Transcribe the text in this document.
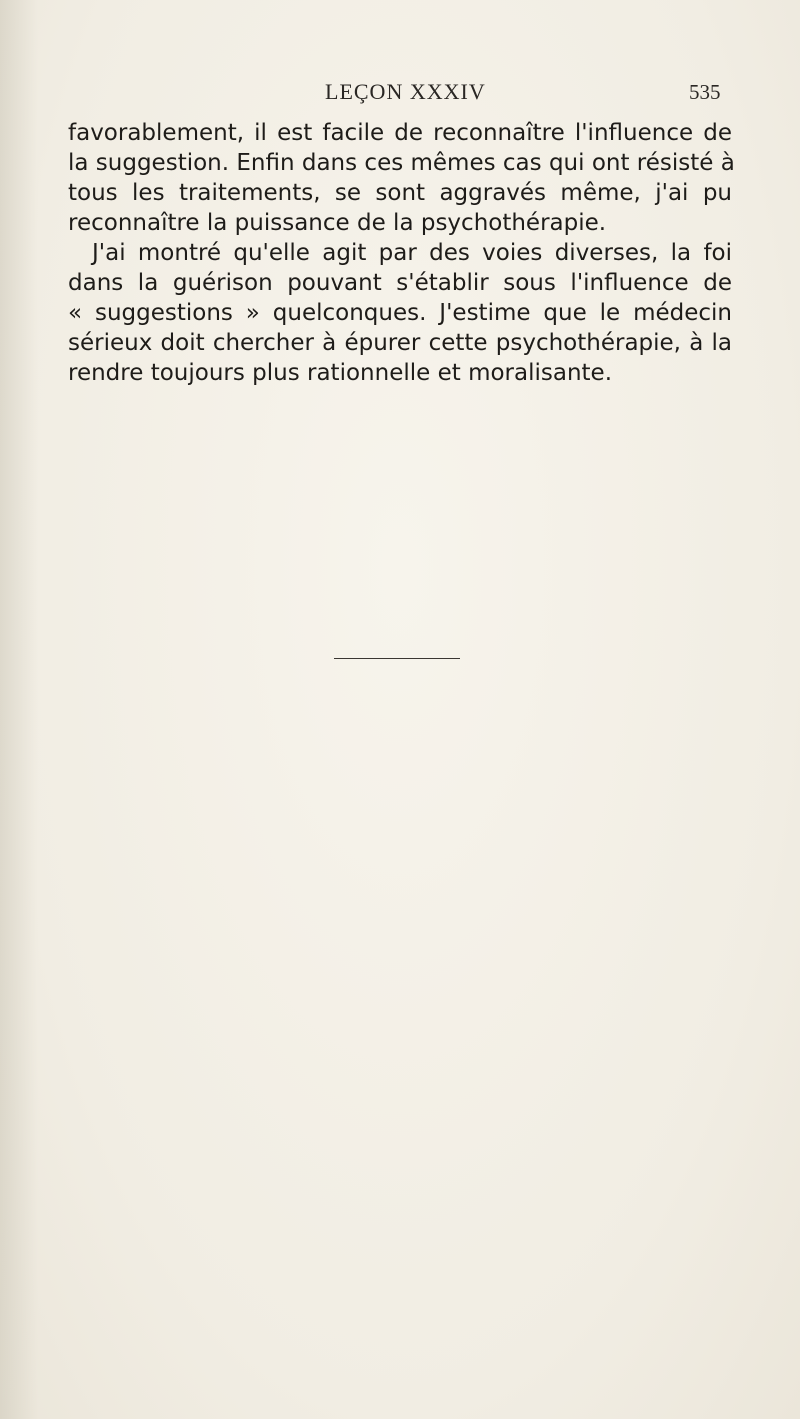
LEÇON XXXIV	535
favorablement, il est facile de reconnaître l'influence de
la suggestion. Enfin dans ces mêmes cas qui ont résisté à
tous les traitements, se sont aggravés même, j'ai pu
reconnaître la puissance de la psychothérapie.
J'ai montré qu'elle agit par des voies diverses, la foi
dans la guérison pouvant s'établir sous l'influence de
« suggestions » quelconques. J'estime que le médecin
sérieux doit chercher à épurer cette psychothérapie, à la
rendre toujours plus rationnelle et moralisante.
